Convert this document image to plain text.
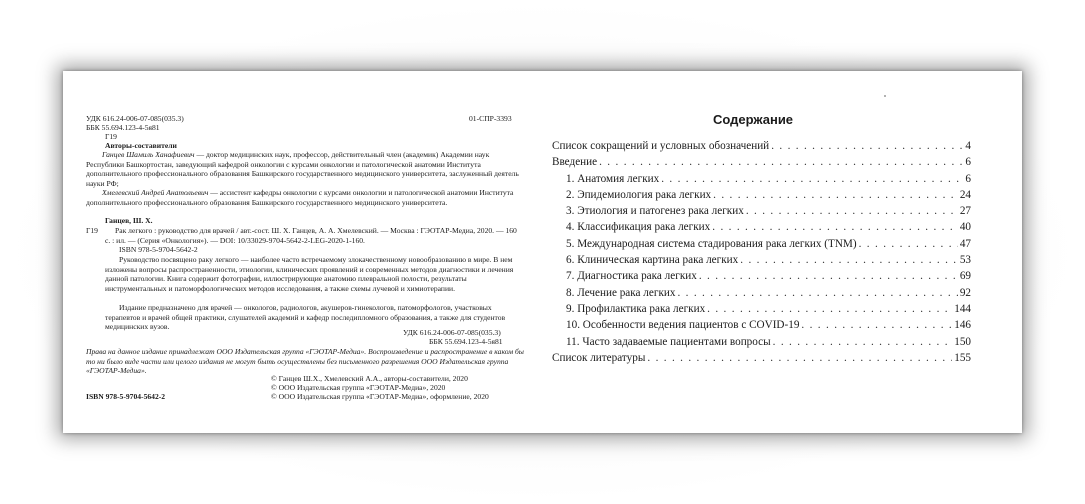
УДК 616.24-006-07-085(035.3)
ББК 55.694.123-4-5я81
Г19
01-СПР-3393
Авторы-составители
Ганцев Шамиль Ханафиевич — доктор медицинских наук, профессор, действительный член (академик) Академии наук Республики Башкортостан, заведующий кафедрой онкологии с курсами онкологии и патологической анатомии Института дополнительного профессионального образования Башкирского государственного медицинского университета, заслуженный деятель науки РФ;
Хмелевский Андрей Анатольевич — ассистент кафедры онкологии с курсами онкологии и патологической анатомии Института дополнительного профессионального образования Башкирского государственного медицинского университета.
Ганцев, Ш. Х.
Г19	Рак легкого : руководство для врачей / авт.-сост. Ш. Х. Ганцев, А. А. Хмелевский. — Москва : ГЭОТАР-Медиа, 2020. — 160 с. : ил. — (Серия «Онкология»). — DOI: 10/33029-9704-5642-2-LEG-2020-1-160.
ISBN 978-5-9704-5642-2
Руководство посвящено раку легкого — наиболее часто встречаемому злокачественному новообразованию в мире. В нем изложены вопросы распространенности, этиологии, клинических проявлений и современных методов диагностики и лечения данной патологии. Книга содержит фотографии, иллюстрирующие анатомию плевральной полости, результаты инструментальных и патоморфологических методов исследования, а также схемы лучевой и химиотерапии.
Издание предназначено для врачей — онкологов, радиологов, акушеров-гинекологов, патоморфологов, участковых терапевтов и врачей общей практики, слушателей академий и кафедр последипломного образования, а также для студентов медицинских вузов.
УДК 616.24-006-07-085(035.3)
ББК 55.694.123-4-5я81
Права на данное издание принадлежат ООО Издательская группа «ГЭОТАР-Медиа». Воспроизведение и распространение в каком бы то ни было виде части или целого издания не могут быть осуществлены без письменного разрешения ООО Издательская группа «ГЭОТАР-Медиа».
© Ганцев Ш.Х., Хмелевский А.А., авторы-составители, 2020
© ООО Издательская группа «ГЭОТАР-Медиа», 2020
© ООО Издательская группа «ГЭОТАР-Медиа», оформление, 2020
ISBN 978-5-9704-5642-2
Содержание
Список сокращений и условных обозначений . . .	4
Введение . . .	6
1. Анатомия легких . . .	6
2. Эпидемиология рака легких . . .	24
3. Этиология и патогенез рака легких . . .	27
4. Классификация рака легких . . .	40
5. Международная система стадирования рака легких (TNM) . . .	47
6. Клиническая картина рака легких . . .	53
7. Диагностика рака легких . . .	69
8. Лечение рака легких . . .	92
9. Профилактика рака легких . . .	144
10. Особенности ведения пациентов с COVID-19 . . .	146
11. Часто задаваемые пациентами вопросы . . .	150
Список литературы . . .	155
